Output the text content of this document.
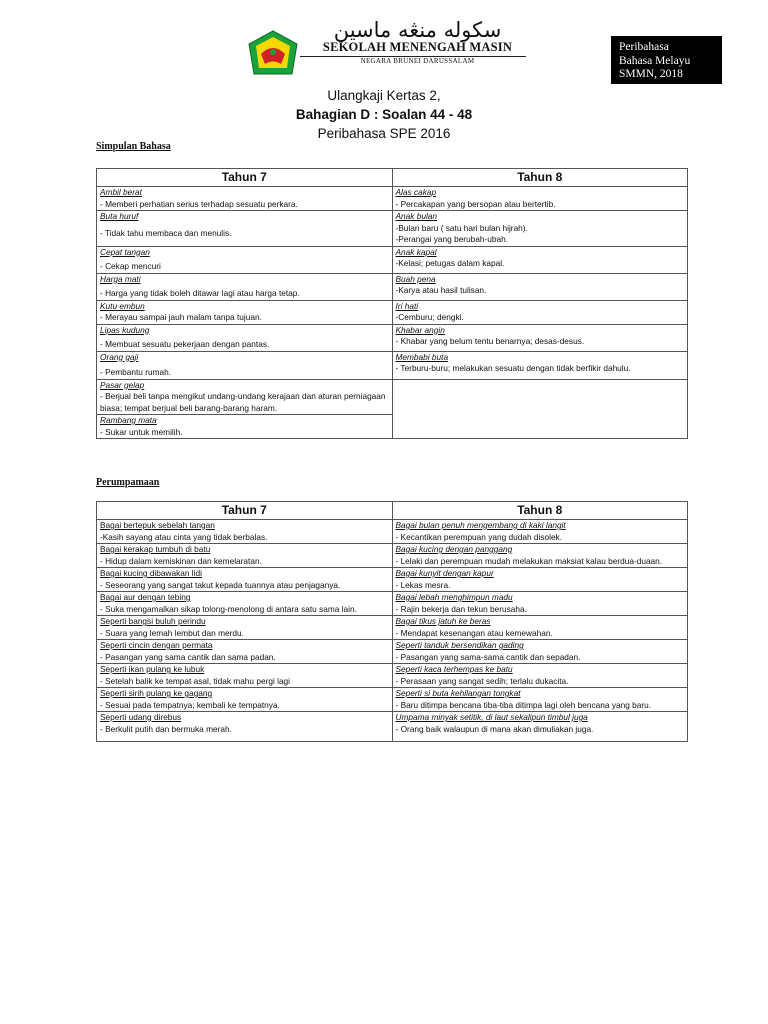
سكوله منڠه ماسين
SEKOLAH MENENGAH MASIN
NEGARA BRUNEI DARUSSALAM
Peribahasa
Bahasa Melayu
SMMN, 2018
Ulangkaji Kertas 2,
Bahagian D : Soalan 44 - 48
Peribahasa SPE 2016
Simpulan Bahasa
Tahun 7	Tahun 8

Ambil berat
- Memberi perhatian serius terhadap sesuatu perkara.	Alas cakap
- Percakapan yang bersopan atau bertertib.

Buta huruf
- Tidak tahu membaca dan menulis.	Anak bulan
-Bulan baru ( satu hari bulan hijrah).
-Perangai yang berubah-ubah.

Cepat tangan
- Cekap mencuri	Anak kapal
-Kelasi; petugas dalam kapal.

Harga mati
- Harga yang tidak boleh ditawar lagi atau harga tetap.	Buah pena
-Karya atau hasil tulisan.

Kutu embun
- Merayau sampai jauh malam tanpa tujuan.	Iri hati
-Cemburu; dengki.

Lipas kudung
- Membuat sesuatu pekerjaan dengan pantas.	Khabar angin
- Khabar yang belum tentu benarnya; desas-desus.

Orang gaji
- Pembantu rumah.	Membabi buta
- Terburu-buru; melakukan sesuatu dengan tidak berfikir dahulu.

Pasar gelap
- Berjual beli tanpa mengikut undang-undang kerajaan dan aturan perniagaan biasa; tempat berjual beli barang-barang haram.	

Rambang mata
- Sukar untuk memilih.	
Perumpamaan
Tahun 7	Tahun 8

Bagai bertepuk sebelah tangan
-Kasih sayang atau cinta yang tidak berbalas.	Bagai bulan penuh mengembang di kaki langit
- Kecantikan perempuan yang dudah disolek.

Bagai kerakap tumbuh di batu
- Hidup dalam kemiskinan dan kemelaratan.	Bagai kucing dengan panggang
- Lelaki dan perempuan mudah melakukan maksiat kalau berdua-duaan.

Bagai kucing dibawakan lidi
- Seseorang yang sangat takut kepada tuannya atau penjaganya.	Bagai kunyit dengan kapur
- Lekas mesra.

Bagai aur dengan tebing
- Suka mengamalkan sikap tolong-menolong di antara satu sama lain.	Bagai lebah menghimpun madu
- Rajin bekerja dan tekun berusaha.

Seperti bangsi buluh perindu
- Suara yang lemah lembut dan merdu.	Bagai tikus jatuh ke beras
- Mendapat kesenangan atau kemewahan.

Seperti cincin dengan permata
- Pasangan yang sama cantik dan sama padan.	Seperti tanduk bersendikan gading
- Pasangan yang sama-sama cantik dan sepadan.

Seperti ikan pulang ke lubuk
- Setelah balik ke tempat asal, tidak mahu pergi lagi	Seperti kaca terhempas ke batu
- Perasaan yang sangat sedih; terlalu dukacita.

Seperti sirih pulang ke gagang
- Sesuai pada tempatnya; kembali ke tempatnya.	Seperti si buta kehilangan tongkat
- Baru ditimpa bencana tiba-tiba ditimpa lagi oleh bencana yang baru.

Seperti udang direbus
- Berkulit putih dan bermuka merah.	Umpama minyak setitik, di laut sekalipun timbul juga
- Orang baik walaupun di mana akan dimuliakan juga.
